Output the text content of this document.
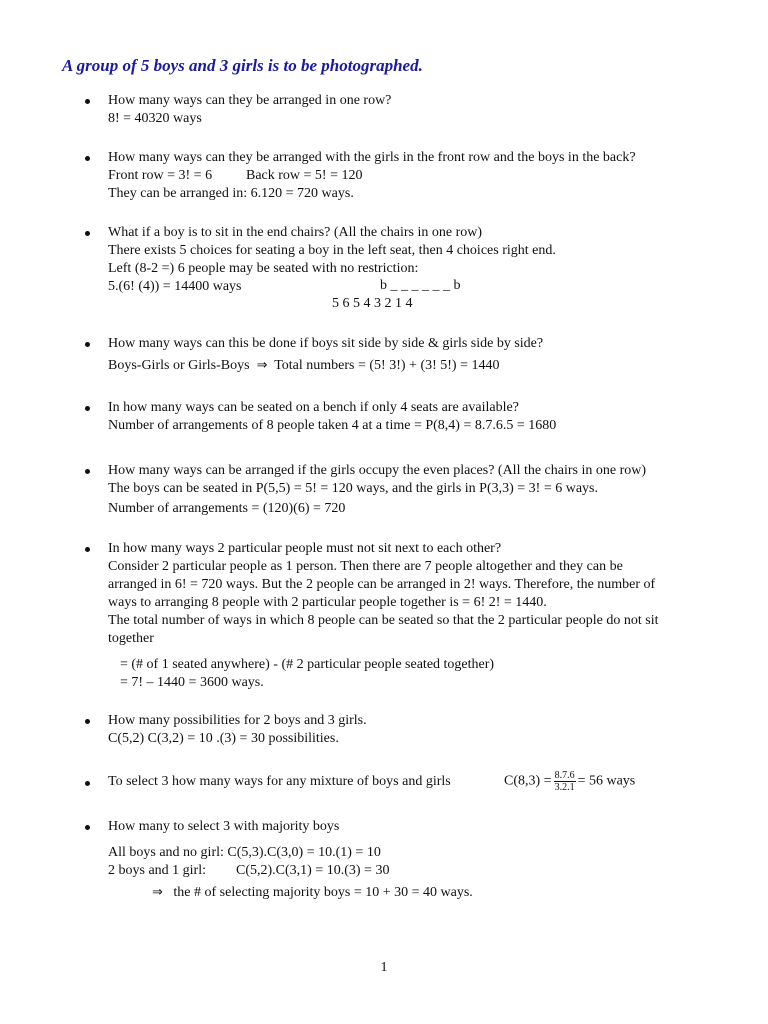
A group of 5 boys and 3 girls is to be photographed.
How many ways can they be arranged in one row?
8! = 40320 ways
How many ways can they be arranged with the girls in the front row and the boys in the back?
Front row = 3! = 6 Back row = 5! = 120
They can be arranged in: 6.120 = 720 ways.
What if a boy is to sit in the end chairs? (All the chairs in one row)
There exists 5 choices for seating a boy in the left seat, then 4 choices right end.
Left (8-2 =) 6 people may be seated with no restriction:
5.(6! (4)) = 14400 ways	b _ _ _ _ _ _ b
5 6 5 4 3 2 1 4
How many ways can this be done if boys sit side by side & girls side by side?
Boys-Girls or Girls-Boys ⇒ Total numbers = (5! 3!) + (3! 5!) = 1440
In how many ways can be seated on a bench if only 4 seats are available?
Number of arrangements of 8 people taken 4 at a time = P(8,4) = 8.7.6.5 = 1680
How many ways can be arranged if the girls occupy the even places? (All the chairs in one row)
The boys can be seated in P(5,5) = 5! = 120 ways, and the girls in P(3,3) = 3! = 6 ways.
Number of arrangements = (120)(6) = 720
In how many ways 2 particular people must not sit next to each other?
Consider 2 particular people as 1 person. Then there are 7 people altogether and they can be
arranged in 6! = 720 ways. But the 2 people can be arranged in 2! ways. Therefore, the number of
ways to arranging 8 people with 2 particular people together is = 6! 2! = 1440.
The total number of ways in which 8 people can be seated so that the 2 particular people do not sit
together
= (# of 1 seated anywhere) - (# 2 particular people seated together)
= 7! – 1440 = 3600 ways.
How many possibilities for 2 boys and 3 girls.
C(5,2) C(3,2) = 10 .(3) = 30 possibilities.
To select 3 how many ways for any mixture of boys and girls	$C(8,3) = \frac{8.7.6}{3.2.1} = 56$ ways
How many to select 3 with majority boys
All boys and no girl: C(5,3).C(3,0) = 10.(1) = 10
2 boys and 1 girl: C(5,2).C(3,1) = 10.(3) = 30
⇒ the # of selecting majority boys = 10 + 30 = 40 ways.
1
